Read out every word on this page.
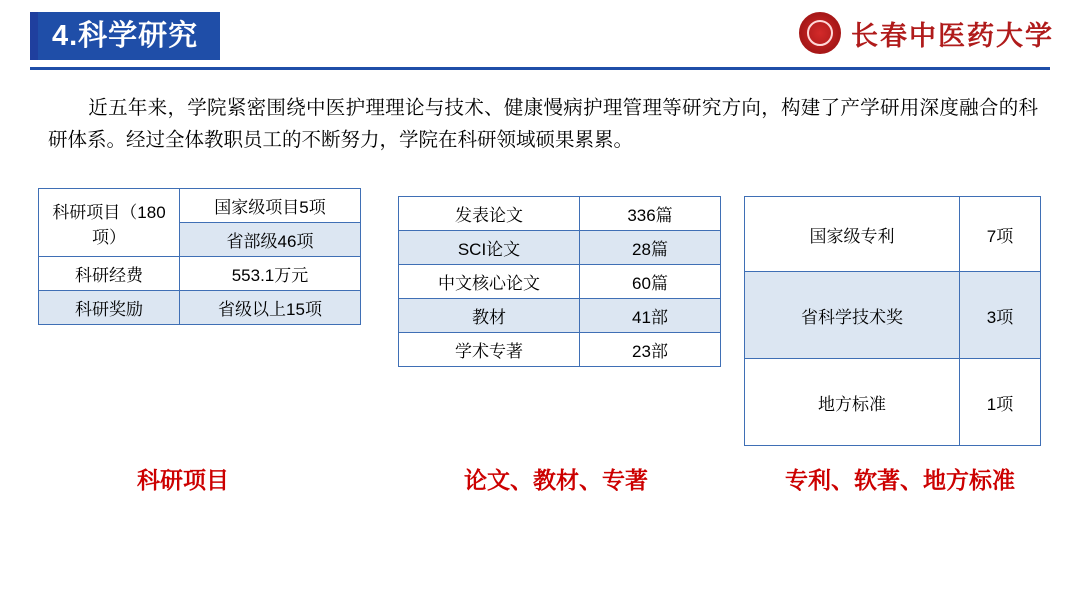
4.科学研究	长春中医药大学
近五年来，学院紧密围绕中医护理理论与技术、健康慢病护理管理等研究方向，构建了产学研用深度融合的科研体系。经过全体教职员工的不断努力，学院在科研领域硕果累累。
科研项目（180项）	国家级项目5项
	省部级46项
科研经费	553.1万元
科研奖励	省级以上15项
发表论文	336篇
SCI论文	28篇
中文核心论文	60篇
教材	41部
学术专著	23部
国家级专利	7项
省科学技术奖	3项
地方标准	1项
科研项目	论文、教材、专著	专利、软著、地方标准
